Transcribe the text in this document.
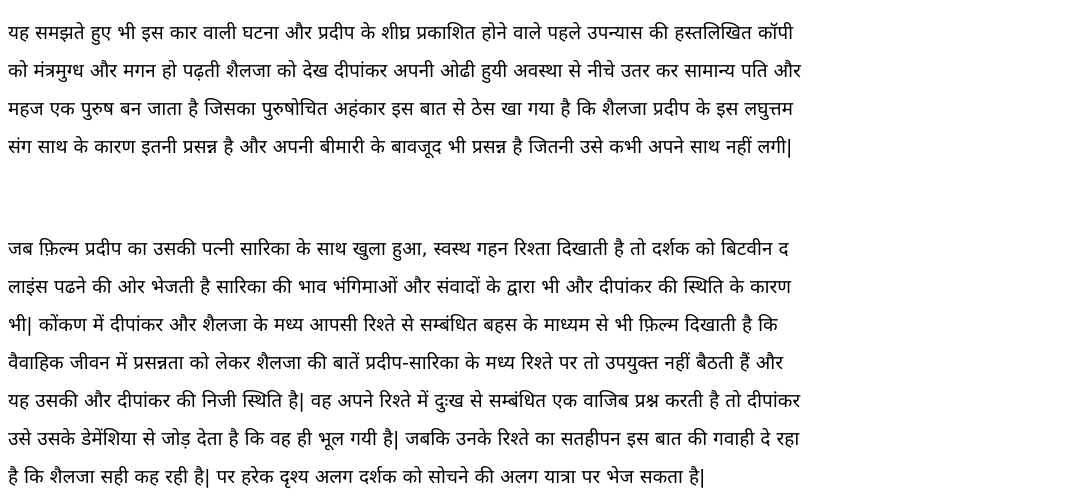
यह समझते हुए भी इस कार वाली घटना और प्रदीप के शीघ्र प्रकाशित होने वाले पहले उपन्यास की हस्तलिखित कॉपी
को मंत्रमुग्ध और मगन हो पढ़ती शैलजा को देख दीपांकर अपनी ओढी हुयी अवस्था से नीचे उतर कर सामान्य पति और
महज एक पुरुष बन जाता है जिसका पुरुषोचित अहंकार इस बात से ठेस खा गया है कि शैलजा प्रदीप के इस लघुत्तम
संग साथ के कारण इतनी प्रसन्न है और अपनी बीमारी के बावजूद भी प्रसन्न है जितनी उसे कभी अपने साथ नहीं लगी|
जब फ़िल्म प्रदीप का उसकी पत्नी सारिका के साथ खुला हुआ, स्वस्थ गहन रिश्ता दिखाती है तो दर्शक को बिटवीन द
लाइंस पढने की ओर भेजती है सारिका की भाव भंगिमाओं और संवादों के द्वारा भी और दीपांकर की स्थिति के कारण
भी| कोंकण में दीपांकर और शैलजा के मध्य आपसी रिश्ते से सम्बंधित बहस के माध्यम से भी फ़िल्म दिखाती है कि
वैवाहिक जीवन में प्रसन्नता को लेकर शैलजा की बातें प्रदीप-सारिका के मध्य रिश्ते पर तो उपयुक्त नहीं बैठती हैं और
यह उसकी और दीपांकर की निजी स्थिति है| वह अपने रिश्ते में दुःख से सम्बंधित एक वाजिब प्रश्न करती है तो दीपांकर
उसे उसके डेमेंशिया से जोड़ देता है कि वह ही भूल गयी है| जबकि उनके रिश्ते का सतहीपन इस बात की गवाही दे रहा
है कि शैलजा सही कह रही है| पर हरेक दृश्य अलग दर्शक को सोचने की अलग यात्रा पर भेज सकता है|
